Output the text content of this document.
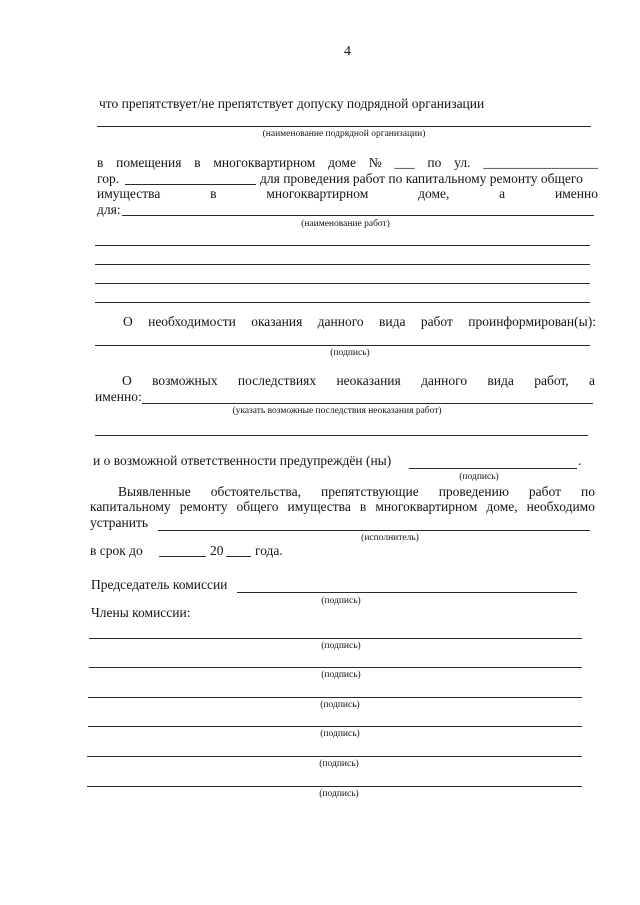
4
что препятствует/не препятствует допуску подрядной организации
(наименование подрядной организации)
в помещения в многоквартирном доме № ___ по ул. _________________
гор.	для проведения работ по капитальному ремонту общего
имущества	в	многоквартирном	доме,	а	именно
для:
(наименование работ)
О необходимости оказания данного вида работ проинформирован(ы):
(подпись)
О возможных последствиях неоказания данного вида работ, а
именно:
(указать возможные последствия неоказания работ)
и о возможной ответственности предупреждён (ны)	.
(подпись)
Выявленные обстоятельства, препятствующие проведению работ по
капитальному ремонту общего имущества в многоквартирном доме, необходимо
устранить
(исполнитель)
в срок до	20 года.
Председатель комиссии
(подпись)
Члены комиссии:
(подпись)
(подпись)
(подпись)
(подпись)
(подпись)
(подпись)
